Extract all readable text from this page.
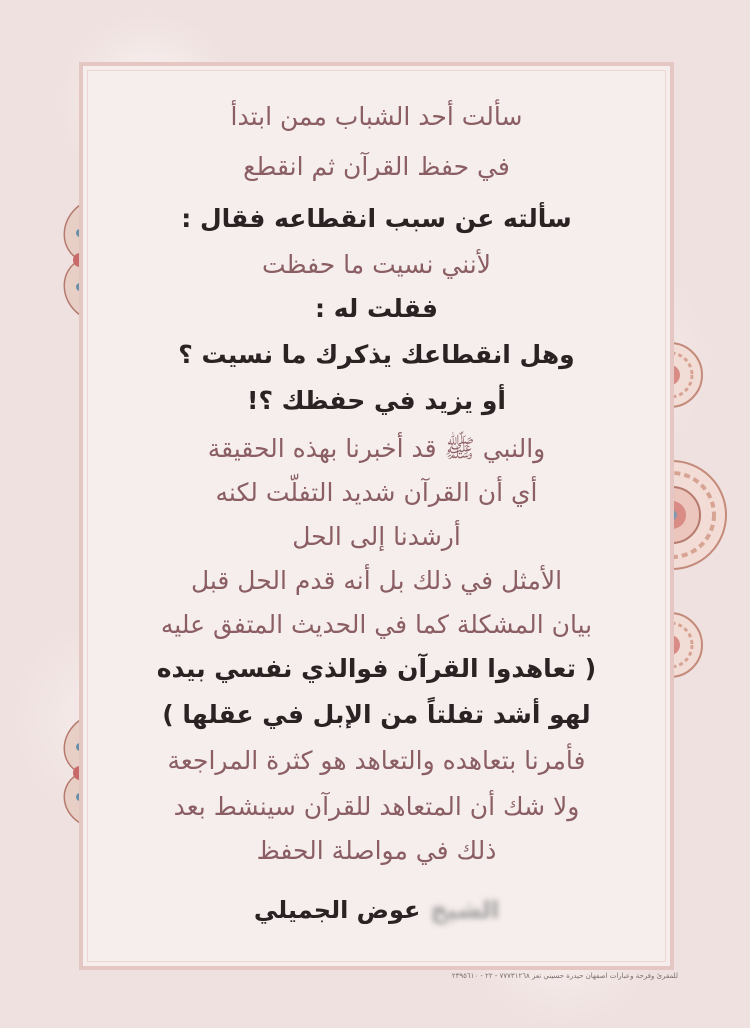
سألت أحد الشباب ممن ابتدأ
في حفظ القرآن ثم انقطع
سألته عن سبب انقطاعه فقال :
لأنني نسيت ما حفظت
فقلت له :
وهل انقطاعك يذكرك ما نسيت ؟
أو يزيد في حفظك ؟!
والنبي ﷺ قد أخبرنا بهذه الحقيقة
أي أن القرآن شديد التفلّت لكنه
أرشدنا إلى الحل
الأمثل في ذلك بل أنه قدم الحل قبل
بيان المشكلة كما في الحديث المتفق عليه
( تعاهدوا القرآن فوالذي نفسي بيده
لهو أشد تفلتاً من الإبل في عقلها )
فأمرنا بتعاهده والتعاهد هو كثرة المراجعة
ولا شك أن المتعاهد للقرآن سينشط بعد
ذلك في مواصلة الحفظ
الشيخعوض الجميلي
للمقرئ وفرحة وعبارات اصفهان حيدرة حسيني تعز ٧٧٧٣١٢٦٨ - ٢٢ - ٢٣٩٥٦١٠
